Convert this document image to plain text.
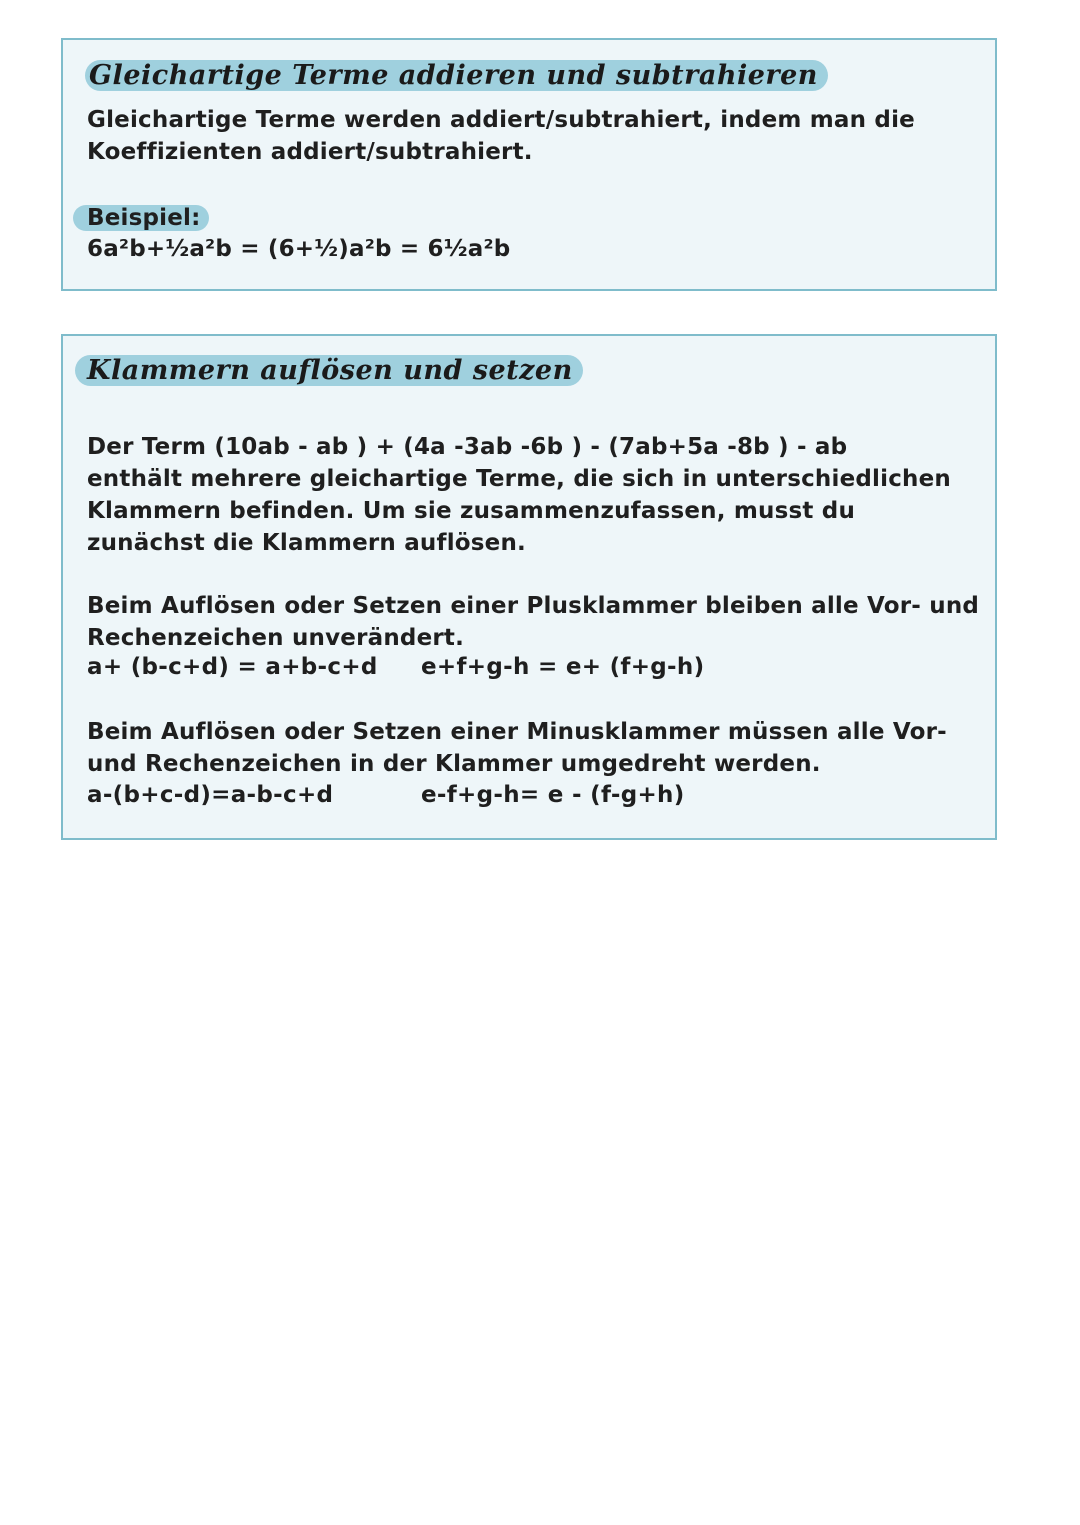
Gleichartige Terme addieren und subtrahieren
Gleichartige Terme werden addiert/subtrahiert, indem man die
Koeffizienten addiert/subtrahiert.
Beispiel:
6a²b+½a²b = (6+½)a²b = 6½a²b
Klammern auflösen und setzen
Der Term (10ab - ab ) + (4a -3ab -6b ) - (7ab+5a -8b ) - ab
enthält mehrere gleichartige Terme, die sich in unterschiedlichen
Klammern befinden. Um sie zusammenzufassen, musst du
zunächst die Klammern auflösen.
Beim Auflösen oder Setzen einer Plusklammer bleiben alle Vor- und
Rechenzeichen unverändert.
a+ (b-c+d) = a+b-c+d e+f+g-h = e+ (f+g-h)
Beim Auflösen oder Setzen einer Minusklammer müssen alle Vor-
und Rechenzeichen in der Klammer umgedreht werden.
a-(b+c-d)=a-b-c+d	e-f+g-h= e - (f-g+h)
